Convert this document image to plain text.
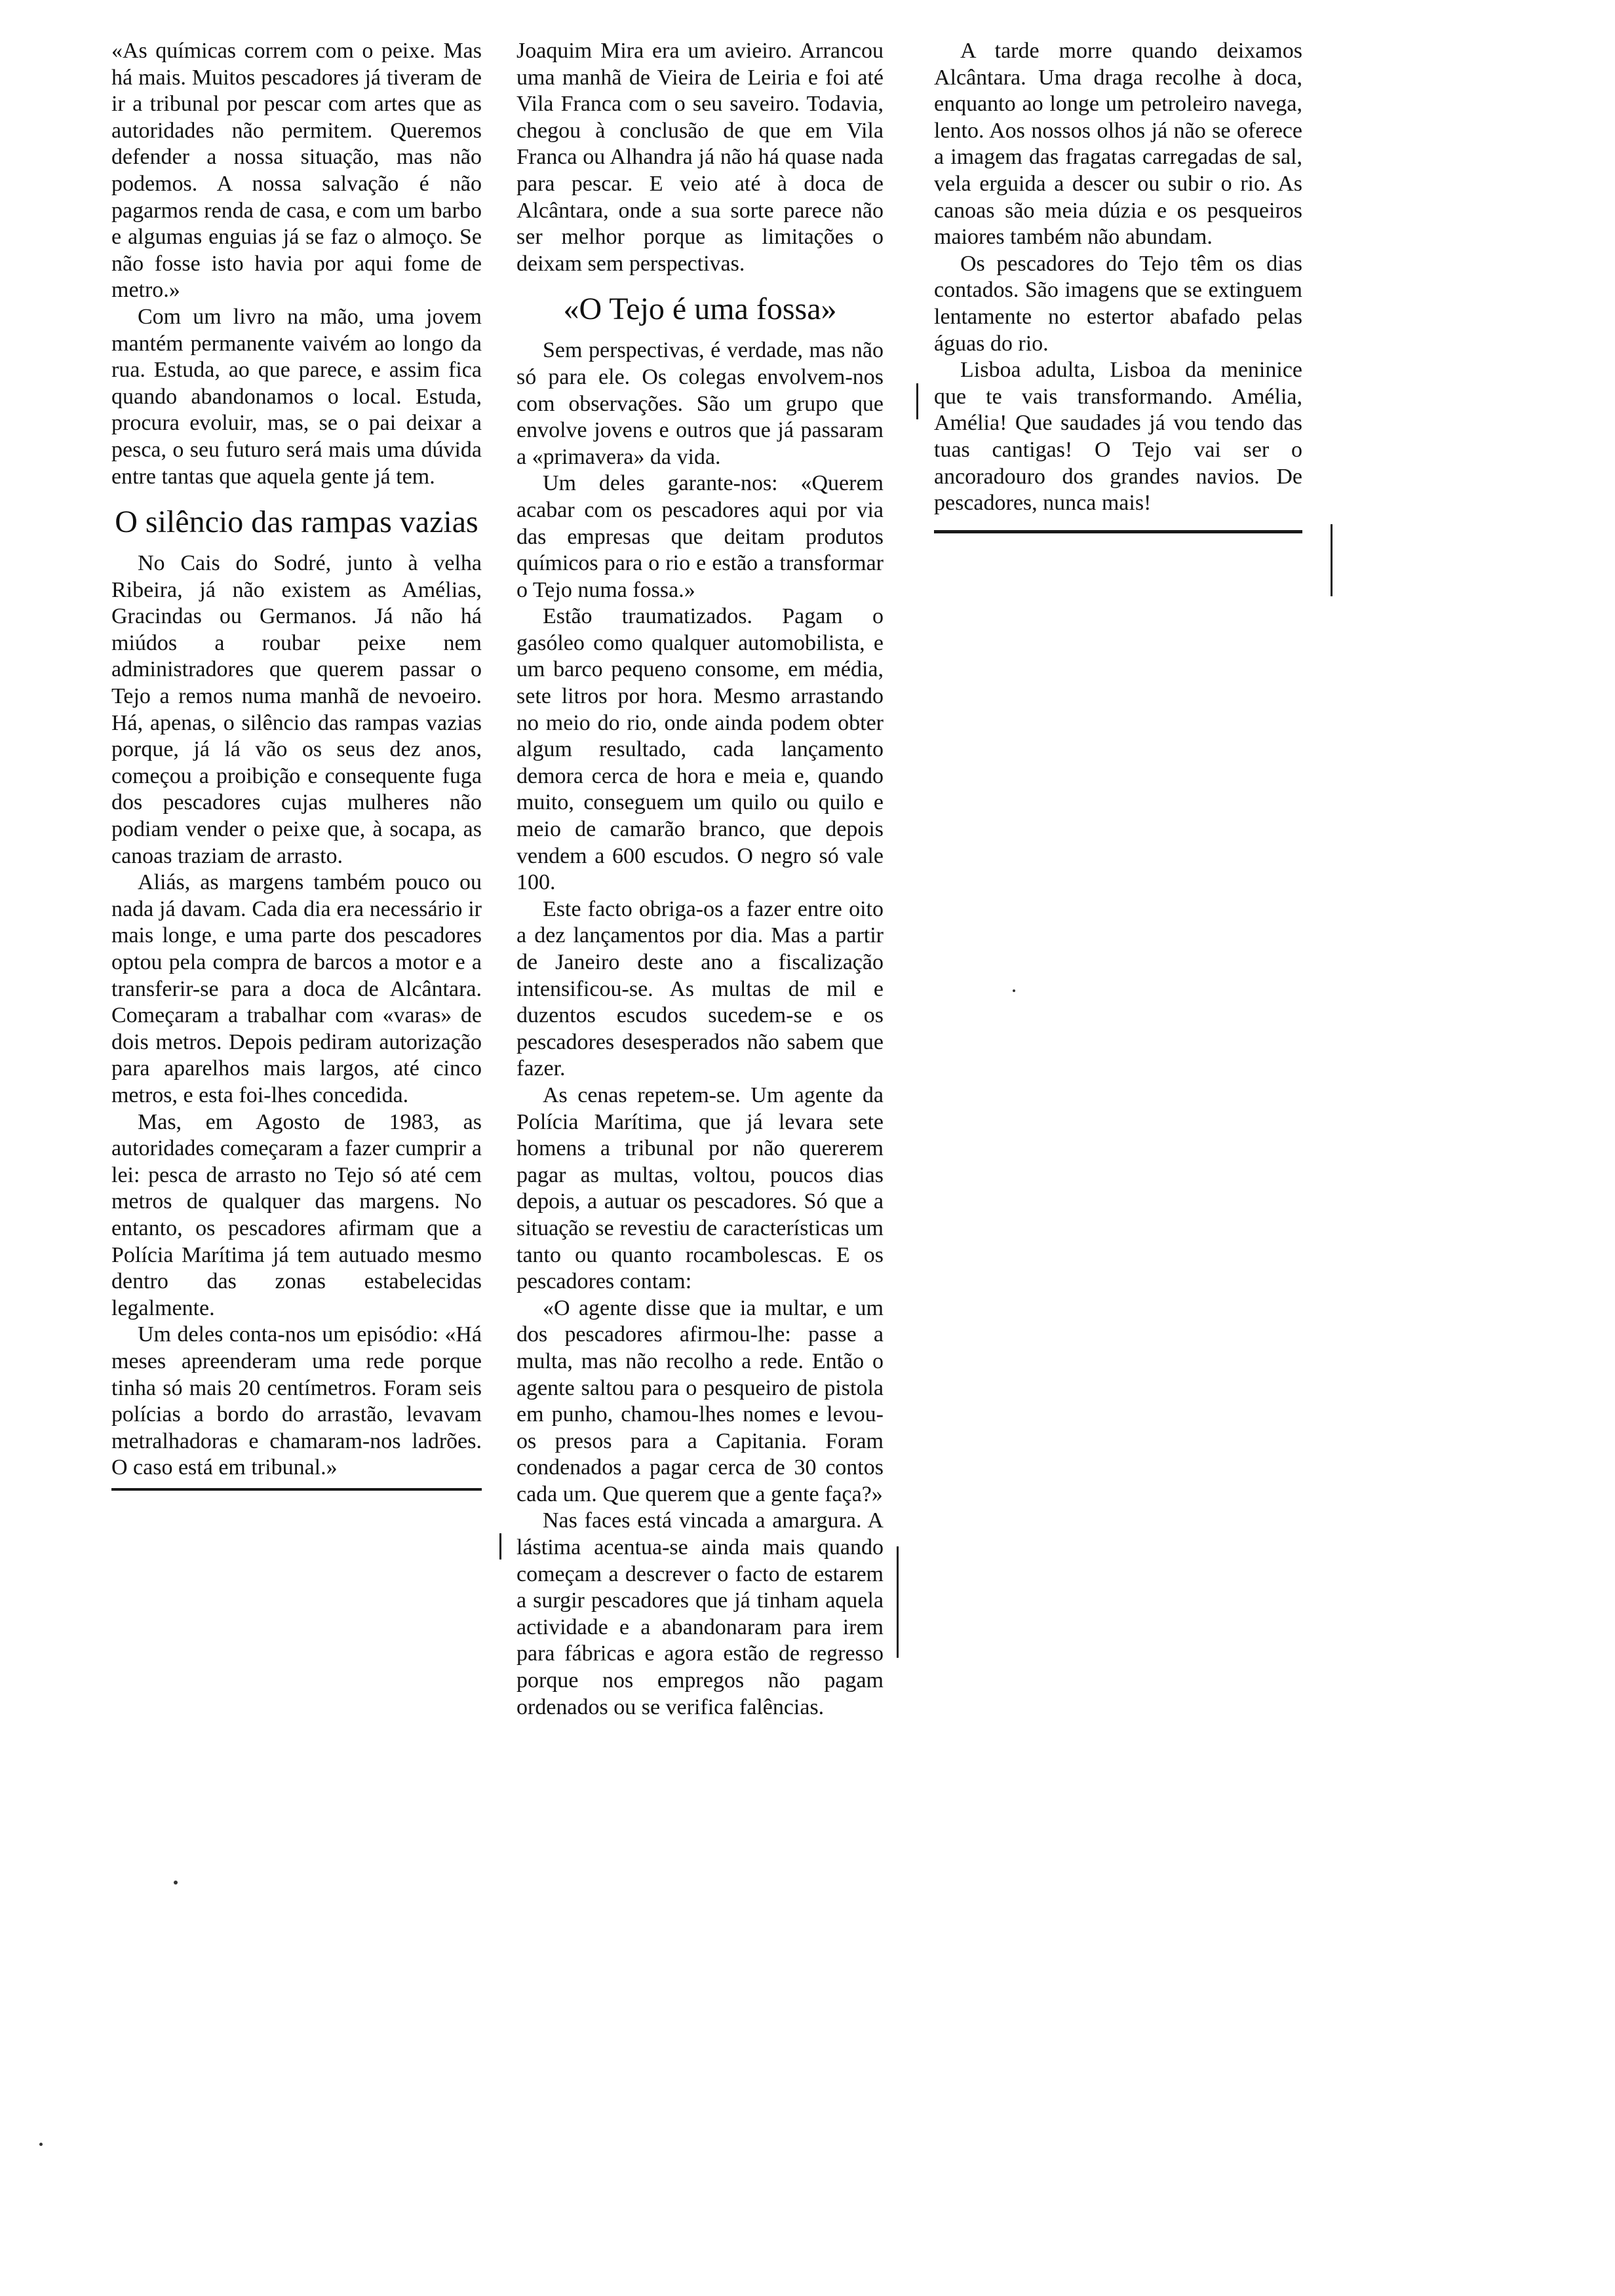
«As químicas correm com o peixe. Mas há mais. Muitos pescadores já tiveram de ir a tribunal por pescar com artes que as autoridades não permitem. Queremos defender a nossa situação, mas não podemos. A nossa salvação é não pagarmos renda de casa, e com um barbo e algumas enguias já se faz o almoço. Se não fosse isto havia por aqui fome de metro.»

Com um livro na mão, uma jovem mantém permanente vaivém ao longo da rua. Estuda, ao que parece, e assim fica quando abandonamos o local. Estuda, procura evoluir, mas, se o pai deixar a pesca, o seu futuro será mais uma dúvida entre tantas que aquela gente já tem.

O silêncio das rampas vazias

No Cais do Sodré, junto à velha Ribeira, já não existem as Amélias, Gracindas ou Germanos. Já não há miúdos a roubar peixe nem administradores que querem passar o Tejo a remos numa manhã de nevoeiro. Há, apenas, o silêncio das rampas vazias porque, já lá vão os seus dez anos, começou a proibição e consequente fuga dos pescadores cujas mulheres não podiam vender o peixe que, à socapa, as canoas traziam de arrasto.

Aliás, as margens também pouco ou nada já davam. Cada dia era necessário ir mais longe, e uma parte dos pescadores optou pela compra de barcos a motor e a transferir-se para a doca de Alcântara. Começaram a trabalhar com «varas» de dois metros. Depois pediram autorização para aparelhos mais largos, até cinco metros, e esta foi-lhes concedida.

Mas, em Agosto de 1983, as autoridades começaram a fazer cumprir a lei: pesca de arrasto no Tejo só até cem metros de qualquer das margens. No entanto, os pescadores afirmam que a Polícia Marítima já tem autuado mesmo dentro das zonas estabelecidas legalmente.

Um deles conta-nos um episódio: «Há meses apreenderam uma rede porque tinha só mais 20 centímetros. Foram seis polícias a bordo do arrastão, levavam metralhadoras e chamaram-nos ladrões. O caso está em tribunal.»

Joaquim Mira era um avieiro. Arrancou uma manhã de Vieira de Leiria e foi até Vila Franca com o seu saveiro. Todavia, chegou à conclusão de que em Vila Franca ou Alhandra já não há quase nada para pescar. E veio até à doca de Alcântara, onde a sua sorte parece não ser melhor porque as limitações o deixam sem perspectivas.

«O Tejo é uma fossa»

Sem perspectivas, é verdade, mas não só para ele. Os colegas envolvem-nos com observações. São um grupo que envolve jovens e outros que já passaram a «primavera» da vida.

Um deles garante-nos: «Querem acabar com os pescadores aqui por via das empresas que deitam produtos químicos para o rio e estão a transformar o Tejo numa fossa.»

Estão traumatizados. Pagam o gasóleo como qualquer automobilista, e um barco pequeno consome, em média, sete litros por hora. Mesmo arrastando no meio do rio, onde ainda podem obter algum resultado, cada lançamento demora cerca de hora e meia e, quando muito, conseguem um quilo ou quilo e meio de camarão branco, que depois vendem a 600 escudos. O negro só vale 100.

Este facto obriga-os a fazer entre oito a dez lançamentos por dia. Mas a partir de Janeiro deste ano a fiscalização intensificou-se. As multas de mil e duzentos escudos sucedem-se e os pescadores desesperados não sabem que fazer.

As cenas repetem-se. Um agente da Polícia Marítima, que já levara sete homens a tribunal por não quererem pagar as multas, voltou, poucos dias depois, a autuar os pescadores. Só que a situação se revestiu de características um tanto ou quanto rocambolescas. E os pescadores contam:

«O agente disse que ia multar, e um dos pescadores afirmou-lhe: passe a multa, mas não recolho a rede. Então o agente saltou para o pesqueiro de pistola em punho, chamou-lhes nomes e levou-os presos para a Capitania. Foram condenados a pagar cerca de 30 contos cada um. Que querem que a gente faça?»

Nas faces está vincada a amargura. A lástima acentua-se ainda mais quando começam a descrever o facto de estarem a surgir pescadores que já tinham aquela actividade e a abandonaram para irem para fábricas e agora estão de regresso porque nos empregos não pagam ordenados ou se verifica falências.

A tarde morre quando deixamos Alcântara. Uma draga recolhe à doca, enquanto ao longe um petroleiro navega, lento. Aos nossos olhos já não se oferece a imagem das fragatas carregadas de sal, vela erguida a descer ou subir o rio. As canoas são meia dúzia e os pesqueiros maiores também não abundam.

Os pescadores do Tejo têm os dias contados. São imagens que se extinguem lentamente no estertor abafado pelas águas do rio.

Lisboa adulta, Lisboa da meninice que te vais transformando. Amélia, Amélia! Que saudades já vou tendo das tuas cantigas! O Tejo vai ser o ancoradouro dos grandes navios. De pescadores, nunca mais!
